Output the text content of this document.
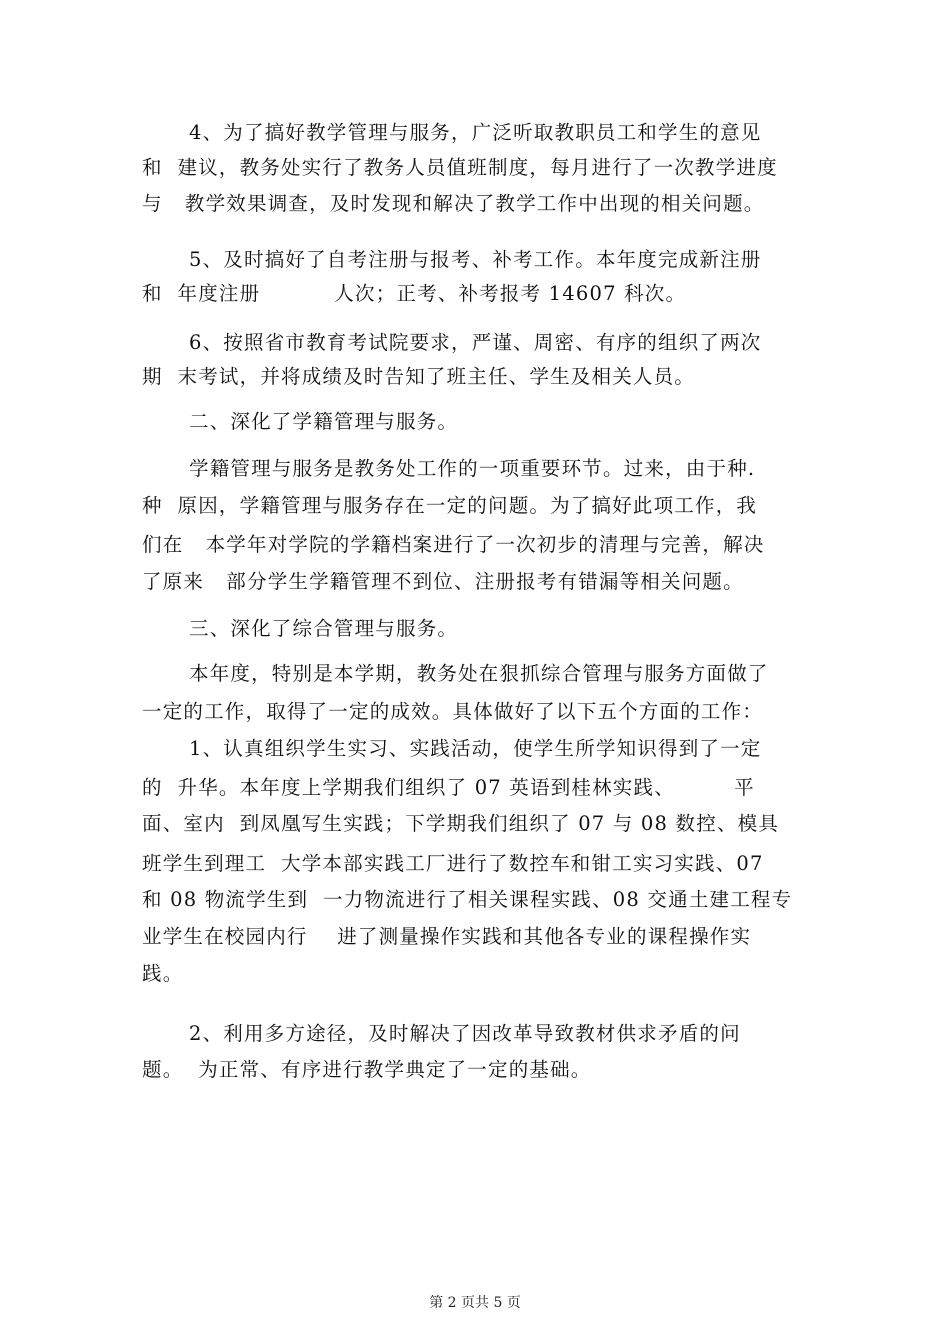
4、为了搞好教学管理与服务，广泛听取教职员工和学生的意见
和  建议，教务处实行了教务人员值班制度，每月进行了一次教学进度
与   教学效果调查，及时发现和解决了教学工作中出现的相关问题。
5、及时搞好了自考注册与报考、补考工作。本年度完成新注册
和  年度注册          人次；正考、补考报考 14607 科次。
6、按照省市教育考试院要求，严谨、周密、有序的组织了两次
期  末考试，并将成绩及时告知了班主任、学生及相关人员。
二、深化了学籍管理与服务。
学籍管理与服务是教务处工作的一项重要环节。过来，由于种.
种  原因，学籍管理与服务存在一定的问题。为了搞好此项工作，我
们在   本学年对学院的学籍档案进行了一次初步的清理与完善，解决
了原来   部分学生学籍管理不到位、注册报考有错漏等相关问题。
三、深化了综合管理与服务。
本年度，特别是本学期，教务处在狠抓综合管理与服务方面做了
一定的工作，取得了一定的成效。具体做好了以下五个方面的工作：
1、认真组织学生实习、实践活动，使学生所学知识得到了一定
的  升华。本年度上学期我们组织了 07 英语到桂林实践、        平
面、室内  到凤凰写生实践；下学期我们组织了 07 与 08 数控、模具
班学生到理工  大学本部实践工厂进行了数控车和钳工实习实践、07
和 08 物流学生到  一力物流进行了相关课程实践、08 交通土建工程专
业学生在校园内行    进了测量操作实践和其他各专业的课程操作实
践。
2、利用多方途径，及时解决了因改革导致教材供求矛盾的问
题。  为正常、有序进行教学典定了一定的基础。
第 2 页共 5 页
